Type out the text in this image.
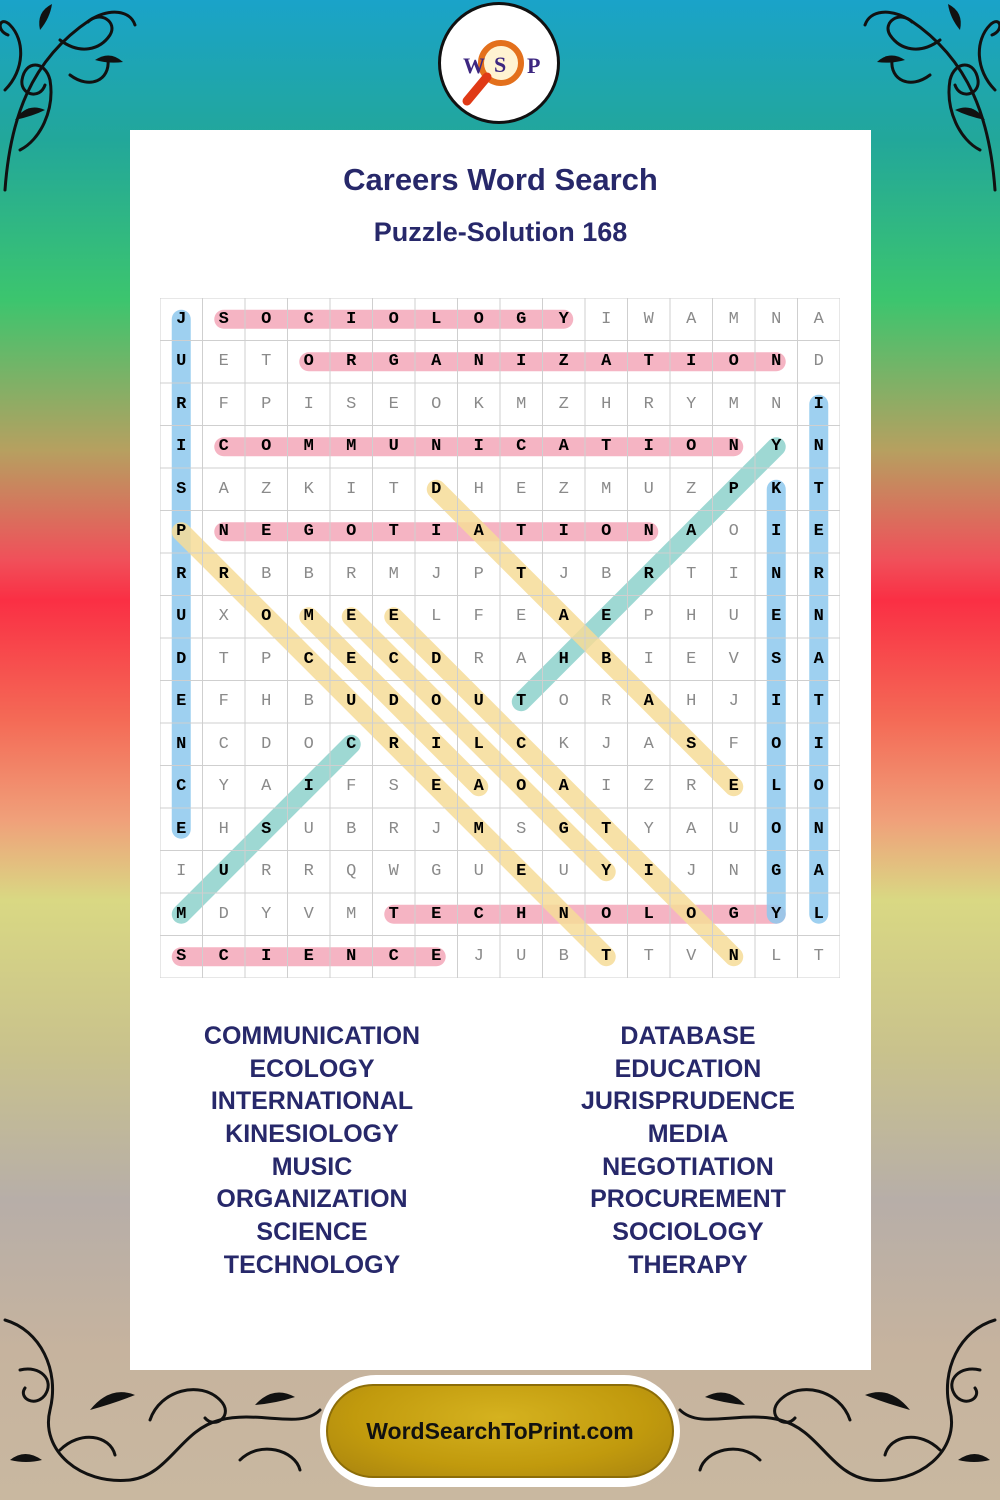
W S P
Careers Word Search
Puzzle-Solution 168
J	S	O	C	I	O	L	O	G	Y	I	W	A	M	N	A
U	E	T	O	R	G	A	N	I	Z	A	T	I	O	N	D
R	F	P	I	S	E	O	K	M	Z	H	R	Y	M	N	I
I	C	O	M	M	U	N	I	C	A	T	I	O	N	Y	N
S	A	Z	K	I	T	D	H	E	Z	M	U	Z	P	K	T
P	N	E	G	O	T	I	A	T	I	O	N	A	O	I	E
R	R	B	B	R	M	J	P	T	J	B	R	T	I	N	R
U	X	O	M	E	E	L	F	E	A	E	P	H	U	E	N
D	T	P	C	E	C	D	R	A	H	B	I	E	V	S	A
E	F	H	B	U	D	O	U	T	O	R	A	H	J	I	T
N	C	D	O	C	R	I	L	C	K	J	A	S	F	O	I
C	Y	A	I	F	S	E	A	O	A	I	Z	R	E	L	O
E	H	S	U	B	R	J	M	S	G	T	Y	A	U	O	N
I	U	R	R	Q	W	G	U	E	U	Y	I	J	N	G	A
M	D	Y	V	M	T	E	C	H	N	O	L	O	G	Y	L
S	C	I	E	N	C	E	J	U	B	T	T	V	N	L	T
COMMUNICATION
ECOLOGY
INTERNATIONAL
KINESIOLOGY
MUSIC
ORGANIZATION
SCIENCE
TECHNOLOGY
DATABASE
EDUCATION
JURISPRUDENCE
MEDIA
NEGOTIATION
PROCUREMENT
SOCIOLOGY
THERAPY
WordSearchToPrint.com
